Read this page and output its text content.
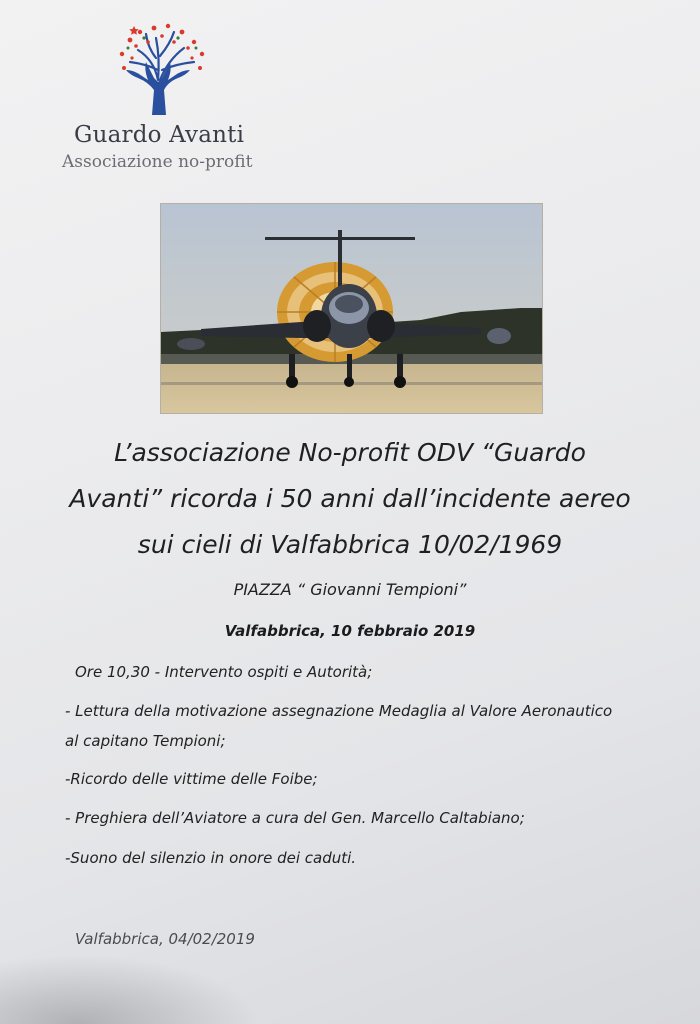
Guardo Avanti
Associazione no-profit
L’associazione No-profit ODV “Guardo
Avanti” ricorda i 50 anni dall’incidente aereo
sui cieli di Valfabbrica 10/02/1969
PIAZZA “ Giovanni Tempioni”
Valfabbrica, 10 febbraio 2019
Ore 10,30 - Intervento ospiti e Autorità;
- Lettura della motivazione assegnazione Medaglia al Valore Aeronautico
al capitano Tempioni;
-Ricordo delle vittime delle Foibe;
- Preghiera dell’Aviatore a cura del Gen. Marcello Caltabiano;
-Suono del silenzio in onore dei caduti.
Valfabbrica, 04/02/2019
